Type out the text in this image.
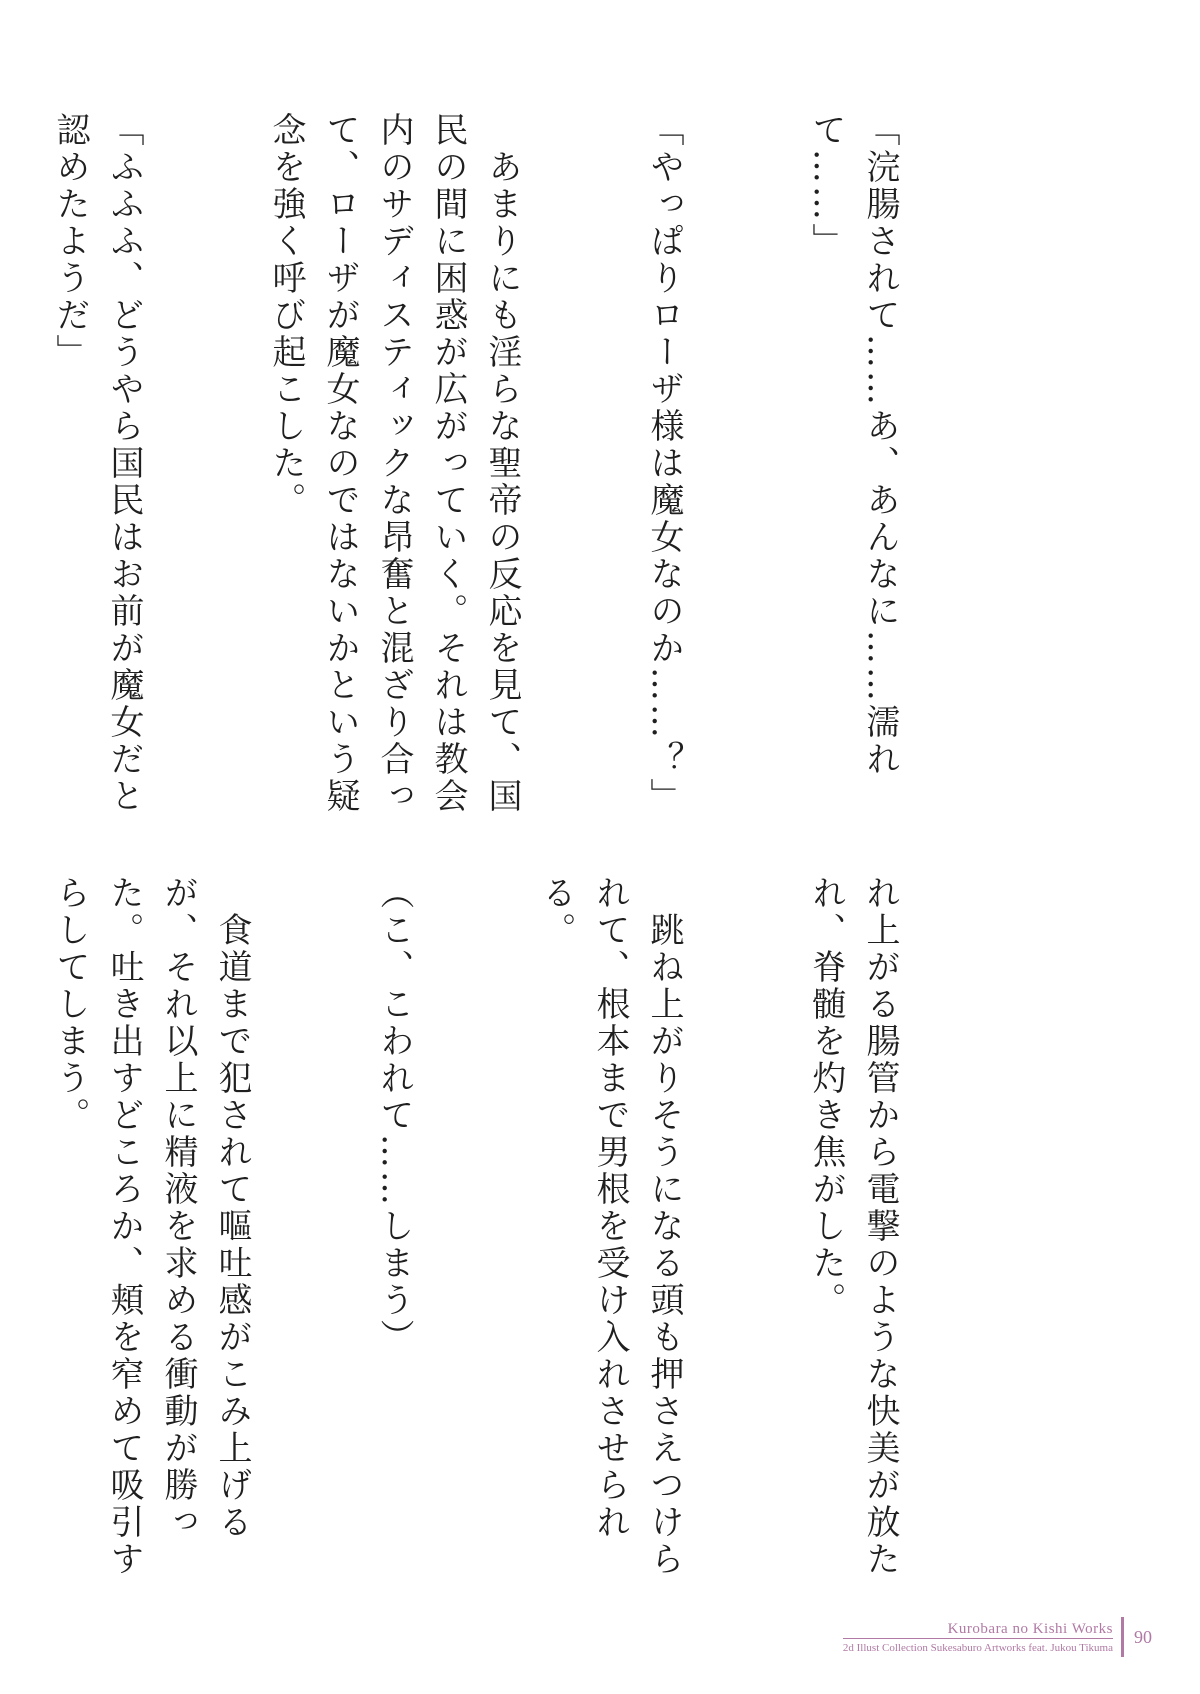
「浣腸されて……あ、あんなに……濡れて……」

「やっぱりローザ様は魔女なのか……？」

　あまりにも淫らな聖帝の反応を見て、国民の間に困惑が広がっていく。それは教会内のサディスティックな昂奮と混ざり合って、ローザが魔女なのではないかという疑念を強く呼び起こした。

「ふふふ、どうやら国民はお前が魔女だと認めたようだ」

れ上がる腸管から電撃のような快美が放たれ、脊髄を灼き焦がした。

　跳ね上がりそうになる頭も押さえつけられて、根本まで男根を受け入れさせられる。

（こ、こわれて……しまう）

　食道まで犯されて嘔吐感がこみ上げるが、それ以上に精液を求める衝動が勝った。吐き出すどころか、頬を窄めて吸引すらしてしまう。

Kurobara no Kishi Works
2d Illust Collection Sukesaburo Artworks feat. Jukou Tikuma
90
